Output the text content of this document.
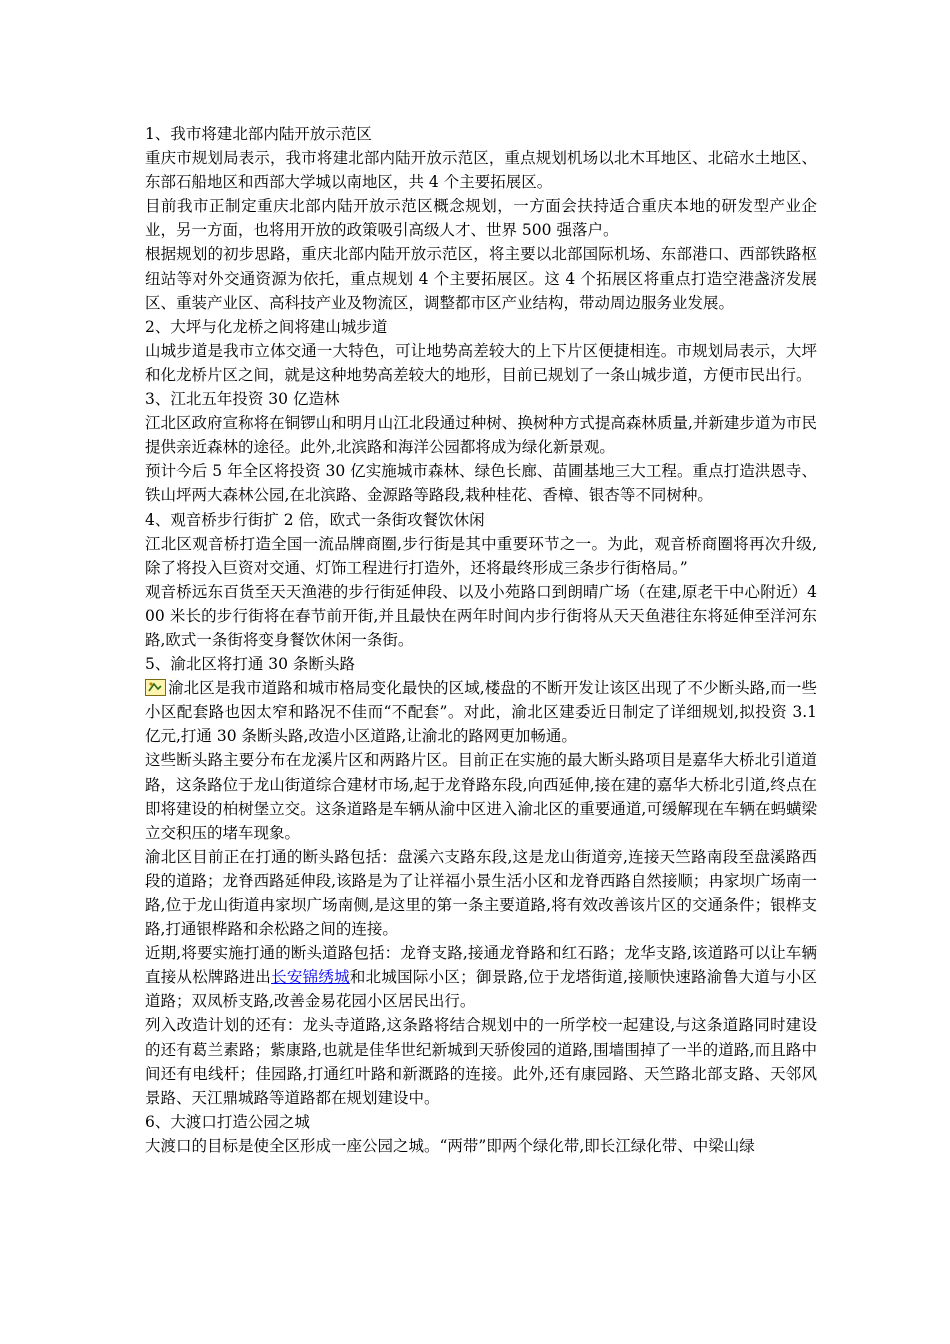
1、我市将建北部内陆开放示范区

重庆市规划局表示，我市将建北部内陆开放示范区，重点规划机场以北木耳地区、北碚水土地区、东部石船地区和西部大学城以南地区，共 4 个主要拓展区。

目前我市正制定重庆北部内陆开放示范区概念规划，一方面会扶持适合重庆本地的研发型产业企业，另一方面，也将用开放的政策吸引高级人才、世界 500 强落户。

根据规划的初步思路，重庆北部内陆开放示范区，将主要以北部国际机场、东部港口、西部铁路枢纽站等对外交通资源为依托，重点规划 4 个主要拓展区。这 4 个拓展区将重点打造空港盏济发展区、重装产业区、高科技产业及物流区，调整都市区产业结构，带动周边服务业发展。

2、大坪与化龙桥之间将建山城步道

山城步道是我市立体交通一大特色，可让地势高差较大的上下片区便捷相连。市规划局表示，大坪和化龙桥片区之间，就是这种地势高差较大的地形，目前已规划了一条山城步道，方便市民出行。

3、江北五年投资 30 亿造林

江北区政府宣称将在铜锣山和明月山江北段通过种树、换树种方式提高森林质量,并新建步道为市民提供亲近森林的途径。此外,北滨路和海洋公园都将成为绿化新景观。

预计今后 5 年全区将投资 30 亿实施城市森林、绿色长廊、苗圃基地三大工程。重点打造洪恩寺、铁山坪两大森林公园,在北滨路、金源路等路段,栽种桂花、香樟、银杏等不同树种。

4、观音桥步行街扩 2 倍，欧式一条街攻餐饮休闲

江北区观音桥打造全国一流品牌商圈,步行街是其中重要环节之一。为此，观音桥商圈将再次升级,除了将投入巨资对交通、灯饰工程进行打造外，还将最终形成三条步行街格局。”

观音桥远东百货至天天渔港的步行街延伸段、以及小苑路口到朗晴广场（在建,原老干中心附近）400 米长的步行街将在春节前开街,并且最快在两年时间内步行街将从天天鱼港往东将延伸至洋河东路,欧式一条街将变身餐饮休闲一条街。

5、渝北区将打通 30 条断头路

渝北区是我市道路和城市格局变化最快的区域,楼盘的不断开发让该区出现了不少断头路,而一些小区配套路也因太窄和路况不佳而“不配套”。对此，渝北区建委近日制定了详细规划,拟投资 3.1 亿元,打通 30 条断头路,改造小区道路,让渝北的路网更加畅通。

这些断头路主要分布在龙溪片区和两路片区。目前正在实施的最大断头路项目是嘉华大桥北引道道路，这条路位于龙山街道综合建材市场,起于龙脊路东段,向西延伸,接在建的嘉华大桥北引道,终点在即将建设的柏树堡立交。这条道路是车辆从渝中区进入渝北区的重要通道,可缓解现在车辆在蚂蟥梁立交积压的堵车现象。

渝北区目前正在打通的断头路包括：盘溪六支路东段,这是龙山街道旁,连接天竺路南段至盘溪路西段的道路；龙脊西路延伸段,该路是为了让祥福小景生活小区和龙脊西路自然接顺；冉家坝广场南一路,位于龙山街道冉家坝广场南侧,是这里的第一条主要道路,将有效改善该片区的交通条件；银桦支路,打通银桦路和余松路之间的连接。

近期,将要实施打通的断头道路包括：龙脊支路,接通龙脊路和红石路；龙华支路,该道路可以让车辆直接从松牌路进出长安锦绣城和北城国际小区；御景路,位于龙塔街道,接顺快速路渝鲁大道与小区道路；双凤桥支路,改善金易花园小区居民出行。

列入改造计划的还有：龙头寺道路,这条路将结合规划中的一所学校一起建设,与这条道路同时建设的还有葛兰素路；紫康路,也就是佳华世纪新城到天骄俊园的道路,围墙围掉了一半的道路,而且路中间还有电线杆；佳园路,打通红叶路和新溉路的连接。此外,还有康园路、天竺路北部支路、天邻风景路、天江鼎城路等道路都在规划建设中。

6、大渡口打造公园之城

大渡口的目标是使全区形成一座公园之城。“两带”即两个绿化带,即长江绿化带、中梁山绿
